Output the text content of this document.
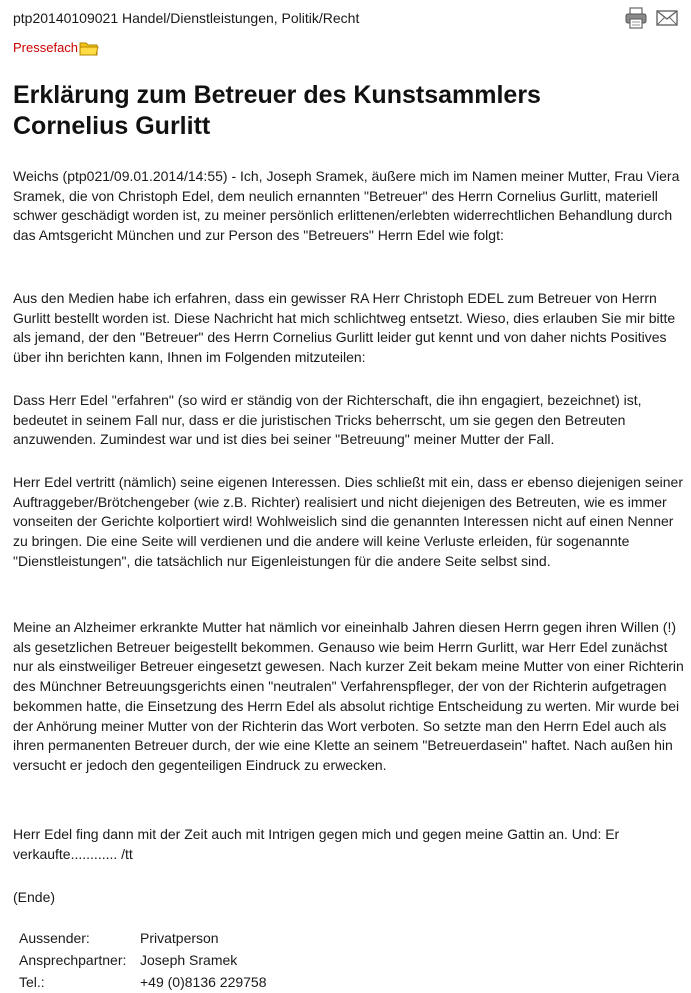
ptp20140109021 Handel/Dienstleistungen, Politik/Recht
Pressefach
Erklärung zum Betreuer des Kunstsammlers
Cornelius Gurlitt

Weichs (ptp021/09.01.2014/14:55) - Ich, Joseph Sramek, äußere mich im Namen meiner Mutter, Frau Viera Sramek, die von Christoph Edel, dem neulich ernannten "Betreuer" des Herrn Cornelius Gurlitt, materiell schwer geschädigt worden ist, zu meiner persönlich erlittenen/erlebten widerrechtlichen Behandlung durch das Amtsgericht München und zur Person des "Betreuers" Herrn Edel wie folgt:

Aus den Medien habe ich erfahren, dass ein gewisser RA Herr Christoph EDEL zum Betreuer von Herrn Gurlitt bestellt worden ist. Diese Nachricht hat mich schlichtweg entsetzt. Wieso, dies erlauben Sie mir bitte als jemand, der den "Betreuer" des Herrn Cornelius Gurlitt leider gut kennt und von daher nichts Positives über ihn berichten kann, Ihnen im Folgenden mitzuteilen:

Dass Herr Edel "erfahren" (so wird er ständig von der Richterschaft, die ihn engagiert, bezeichnet) ist, bedeutet in seinem Fall nur, dass er die juristischen Tricks beherrscht, um sie gegen den Betreuten anzuwenden. Zumindest war und ist dies bei seiner "Betreuung" meiner Mutter der Fall.

Herr Edel vertritt (nämlich) seine eigenen Interessen. Dies schließt mit ein, dass er ebenso diejenigen seiner Auftraggeber/Brötchengeber (wie z.B. Richter) realisiert und nicht diejenigen des Betreuten, wie es immer vonseiten der Gerichte kolportiert wird! Wohlweislich sind die genannten Interessen nicht auf einen Nenner zu bringen. Die eine Seite will verdienen und die andere will keine Verluste erleiden, für sogenannte "Dienstleistungen", die tatsächlich nur Eigenleistungen für die andere Seite selbst sind.

Meine an Alzheimer erkrankte Mutter hat nämlich vor eineinhalb Jahren diesen Herrn gegen ihren Willen (!) als gesetzlichen Betreuer beigestellt bekommen. Genauso wie beim Herrn Gurlitt, war Herr Edel zunächst nur als einstweiliger Betreuer eingesetzt gewesen. Nach kurzer Zeit bekam meine Mutter von einer Richterin des Münchner Betreuungsgerichts einen "neutralen" Verfahrenspfleger, der von der Richterin aufgetragen bekommen hatte, die Einsetzung des Herrn Edel als absolut richtige Entscheidung zu werten. Mir wurde bei der Anhörung meiner Mutter von der Richterin das Wort verboten. So setzte man den Herrn Edel auch als ihren permanenten Betreuer durch, der wie eine Klette an seinem "Betreuerdasein" haftet. Nach außen hin versucht er jedoch den gegenteiligen Eindruck zu erwecken.

Herr Edel fing dann mit der Zeit auch mit Intrigen gegen mich und gegen meine Gattin an. Und: Er verkaufte............ /tt

(Ende)
Aussender:	Privatperson
Ansprechpartner:	Joseph Sramek
Tel.:	+49 (0)8136 229758
